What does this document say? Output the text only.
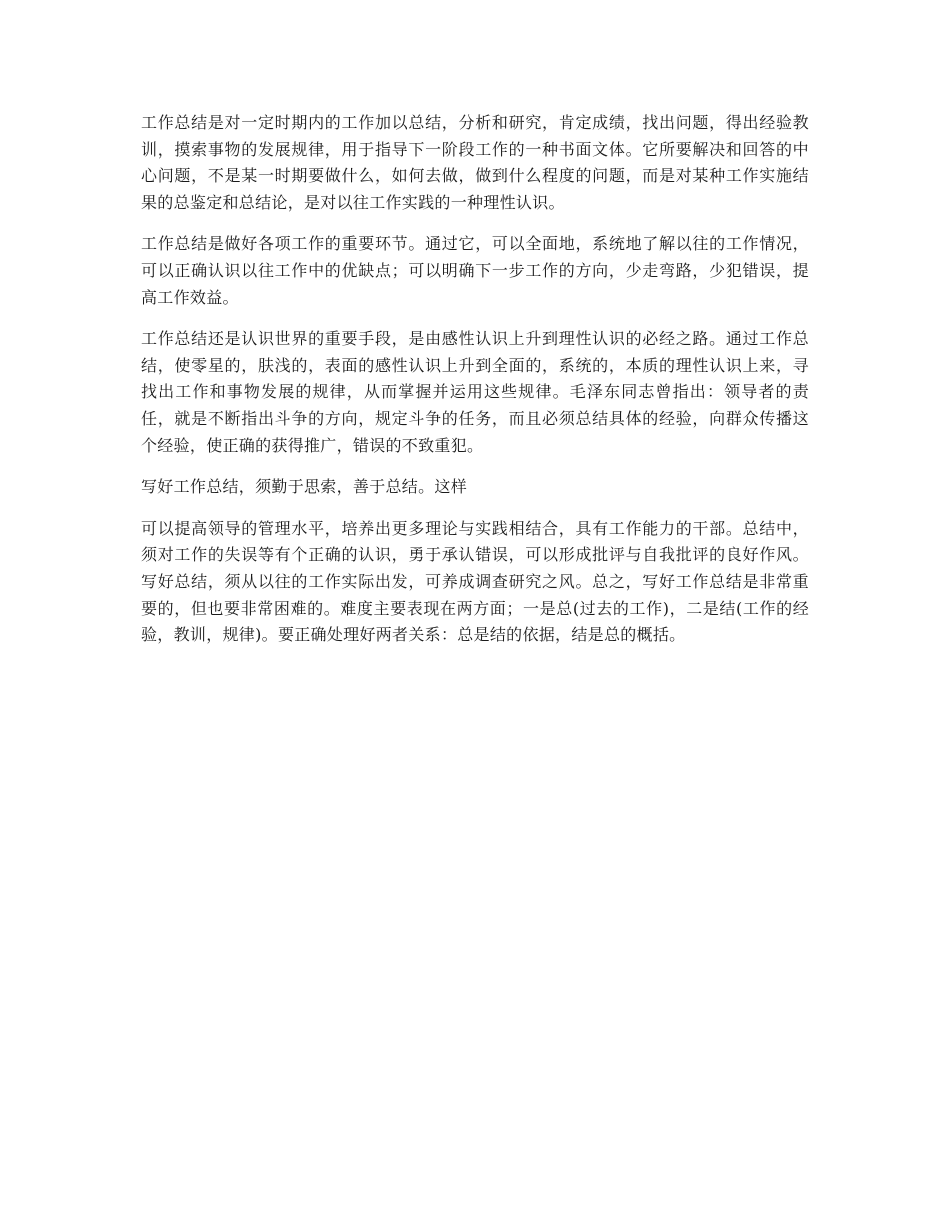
工作总结是对一定时期内的工作加以总结，分析和研究，肯定成绩，找出问题，得出经验教训，摸索事物的发展规律，用于指导下一阶段工作的一种书面文体。它所要解决和回答的中心问题，不是某一时期要做什么，如何去做，做到什么程度的问题，而是对某种工作实施结果的总鉴定和总结论，是对以往工作实践的一种理性认识。

工作总结是做好各项工作的重要环节。通过它，可以全面地，系统地了解以往的工作情况，可以正确认识以往工作中的优缺点；可以明确下一步工作的方向，少走弯路，少犯错误，提高工作效益。

工作总结还是认识世界的重要手段，是由感性认识上升到理性认识的必经之路。通过工作总结，使零星的，肤浅的，表面的感性认识上升到全面的，系统的，本质的理性认识上来，寻找出工作和事物发展的规律，从而掌握并运用这些规律。毛泽东同志曾指出：领导者的责任，就是不断指出斗争的方向，规定斗争的任务，而且必须总结具体的经验，向群众传播这个经验，使正确的获得推广，错误的不致重犯。

写好工作总结，须勤于思索，善于总结。这样

可以提高领导的管理水平，培养出更多理论与实践相结合，具有工作能力的干部。总结中，须对工作的失误等有个正确的认识，勇于承认错误，可以形成批评与自我批评的良好作风。写好总结，须从以往的工作实际出发，可养成调查研究之风。总之，写好工作总结是非常重要的，但也要非常困难的。难度主要表现在两方面；一是总(过去的工作)，二是结(工作的经验，教训，规律)。要正确处理好两者关系：总是结的依据，结是总的概括。
